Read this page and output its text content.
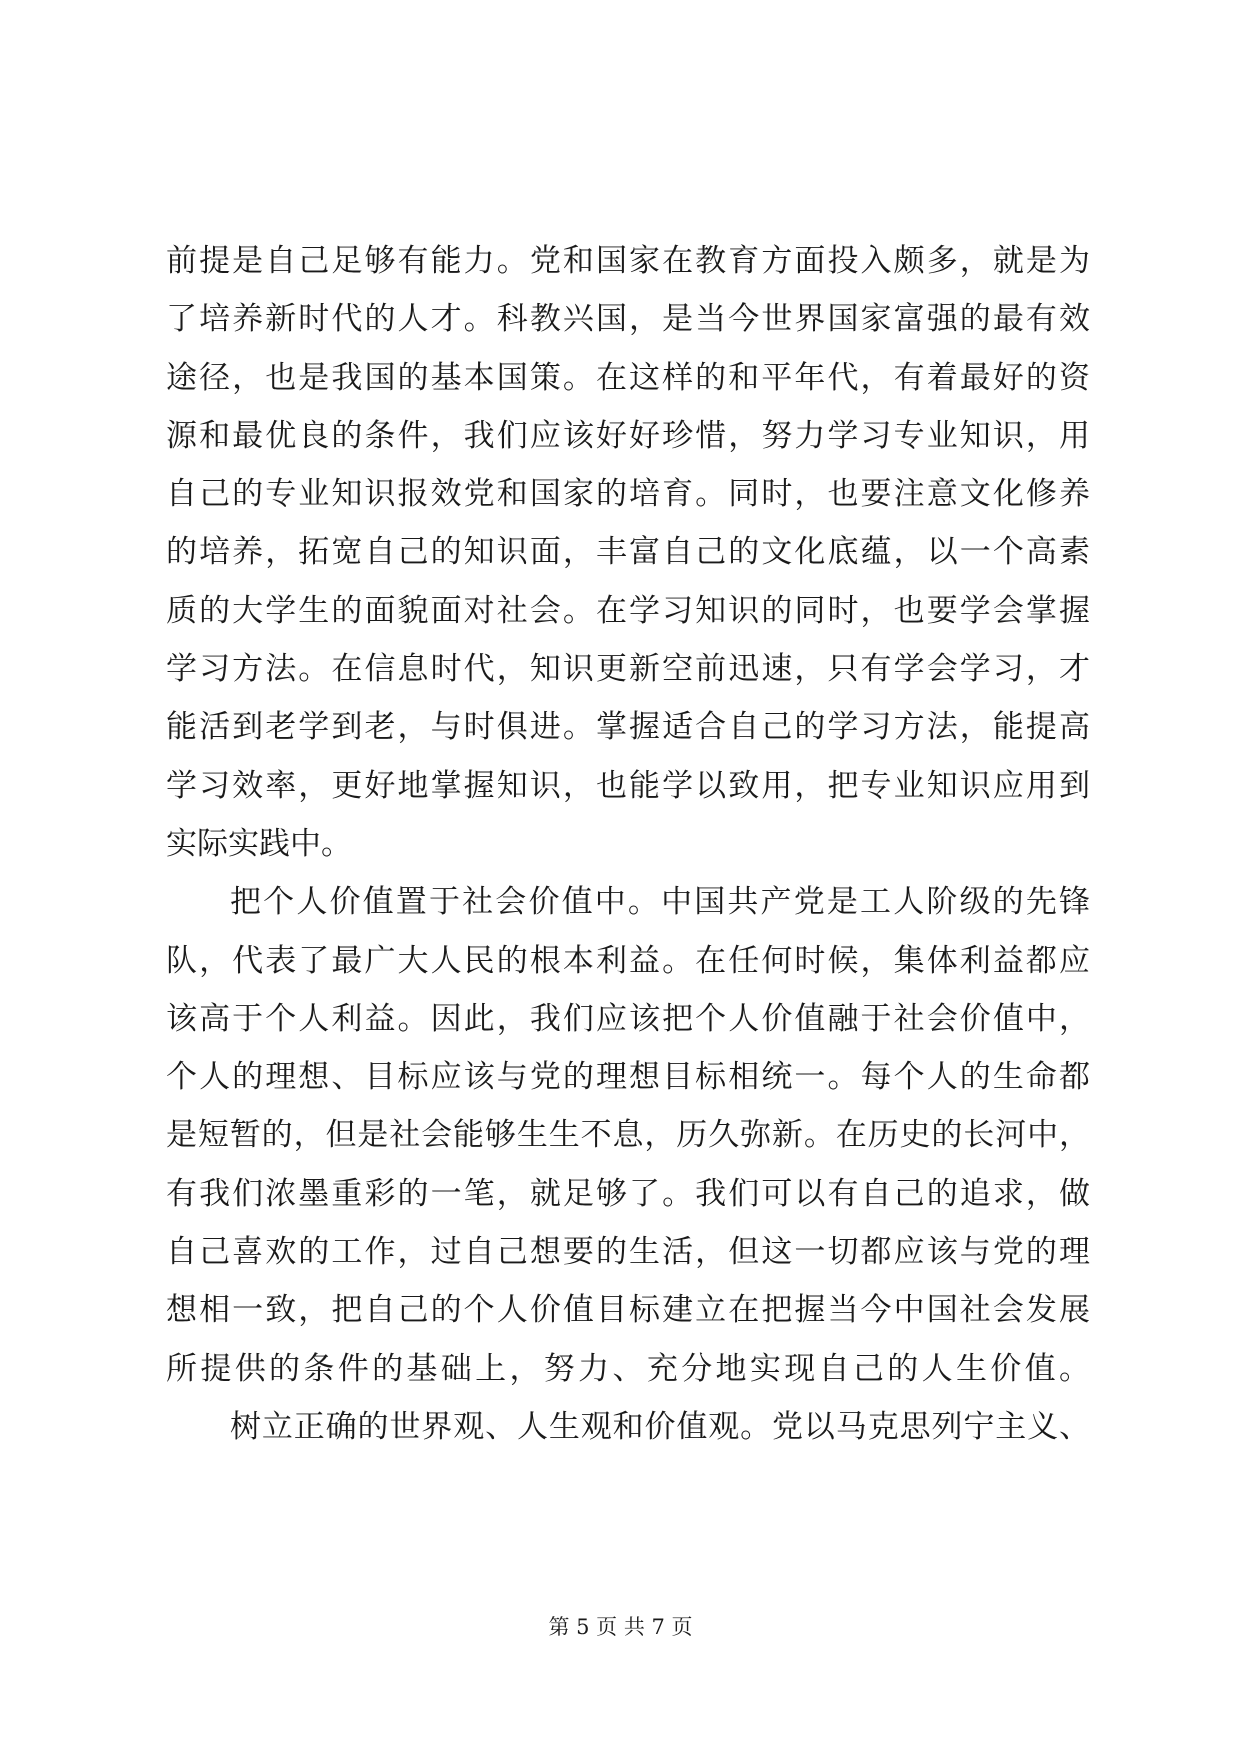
前提是自己足够有能力。党和国家在教育方面投入颇多，就是为
了培养新时代的人才。科教兴国，是当今世界国家富强的最有效
途径，也是我国的基本国策。在这样的和平年代，有着最好的资
源和最优良的条件，我们应该好好珍惜，努力学习专业知识，用
自己的专业知识报效党和国家的培育。同时，也要注意文化修养
的培养，拓宽自己的知识面，丰富自己的文化底蕴，以一个高素
质的大学生的面貌面对社会。在学习知识的同时，也要学会掌握
学习方法。在信息时代，知识更新空前迅速，只有学会学习，才
能活到老学到老，与时俱进。掌握适合自己的学习方法，能提高
学习效率，更好地掌握知识，也能学以致用，把专业知识应用到
实际实践中。
把个人价值置于社会价值中。中国共产党是工人阶级的先锋
队，代表了最广大人民的根本利益。在任何时候，集体利益都应
该高于个人利益。因此，我们应该把个人价值融于社会价值中，
个人的理想、目标应该与党的理想目标相统一。每个人的生命都
是短暂的，但是社会能够生生不息，历久弥新。在历史的长河中，
有我们浓墨重彩的一笔，就足够了。我们可以有自己的追求，做
自己喜欢的工作，过自己想要的生活，但这一切都应该与党的理
想相一致，把自己的个人价值目标建立在把握当今中国社会发展
所提供的条件的基础上，努力、充分地实现自己的人生价值。
树立正确的世界观、人生观和价值观。党以马克思列宁主义、
第 5 页 共 7 页
